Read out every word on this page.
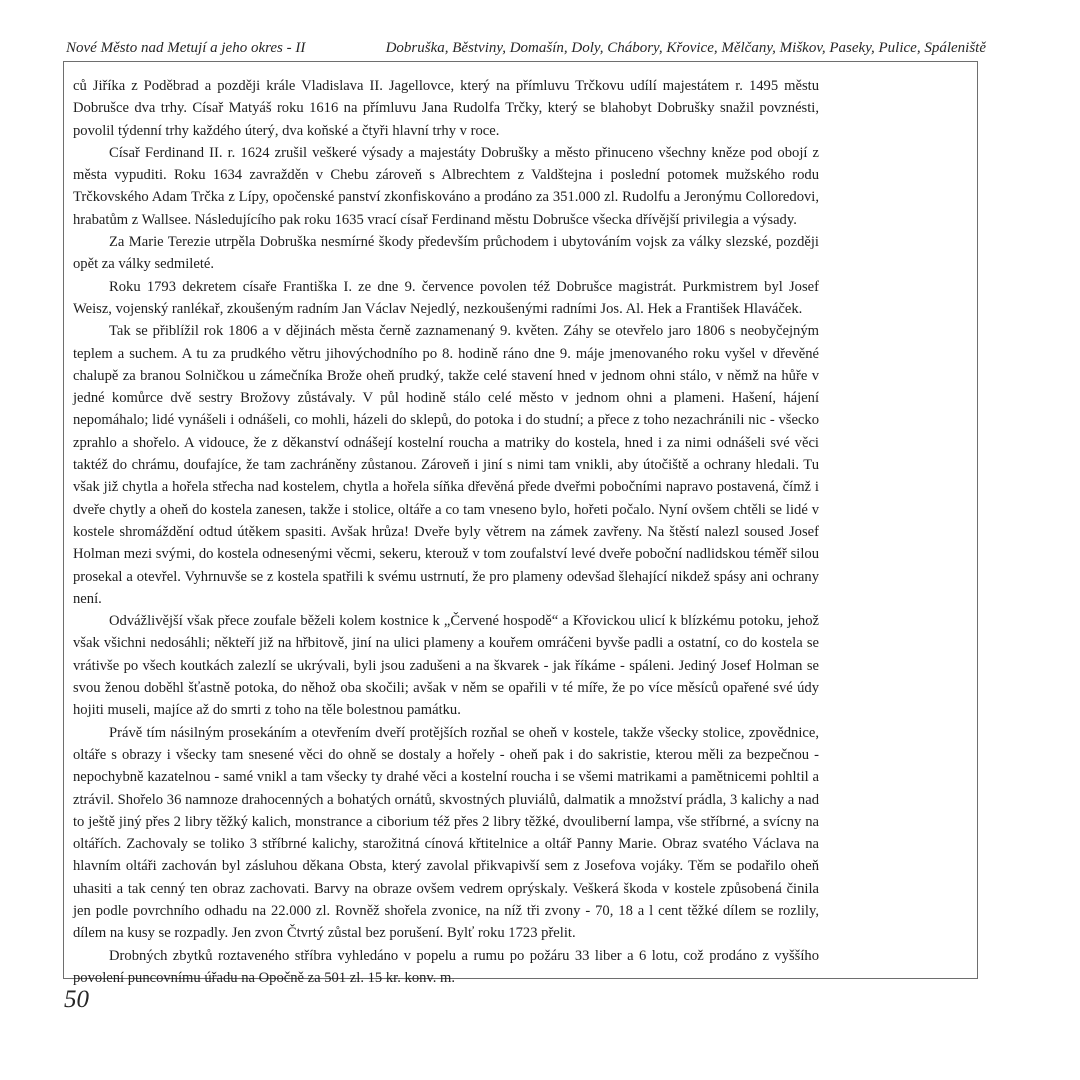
Nové Město nad Metují a jeho okres - II	Dobruška, Běstviny, Domašín, Doly, Chábory, Křovice, Mělčany, Miškov, Paseky, Pulice, Spáleniště

ců Jiříka z Poděbrad a později krále Vladislava II. Jagellovce, který na přímluvu Trčkovu udílí majestátem r. 1495 městu Dobrušce dva trhy. Císař Matyáš roku 1616 na přímluvu Jana Rudolfa Trčky, který se blahobyt Dobrušky snažil povznésti, povolil týdenní trhy každého úterý, dva koňské a čtyři hlavní trhy v roce.

Císař Ferdinand II. r. 1624 zrušil veškeré výsady a majestáty Dobrušky a město přinuceno všechny kněze pod obojí z města vypuditi. Roku 1634 zavražděn v Chebu zároveň s Albrechtem z Valdštejna i poslední potomek mužského rodu Trčkovského Adam Trčka z Lípy, opočenské panství zkonfiskováno a prodáno za 351.000 zl. Rudolfu a Jeronýmu Colloredovi, hrabatům z Wallsee. Následujícího pak roku 1635 vrací císař Ferdinand městu Dobrušce všecka dřívější privilegia a výsady.

Za Marie Terezie utrpěla Dobruška nesmírné škody především průchodem i ubytováním vojsk za války slezské, později opět za války sedmileté.

Roku 1793 dekretem císaře Františka I. ze dne 9. července povolen též Dobrušce magistrát. Purkmistrem byl Josef Weisz, vojenský ranlékař, zkoušeným radním Jan Václav Nejedlý, nezkoušenými radními Jos. Al. Hek a František Hlaváček.

Tak se přiblížil rok 1806 a v dějinách města černě zaznamenaný 9. květen. Záhy se otevřelo jaro 1806 s neobyčejným teplem a suchem. A tu za prudkého větru jihovýchodního po 8. hodině ráno dne 9. máje jmenovaného roku vyšel v dřevěné chalupě za branou Solničkou u zámečníka Brože oheň prudký, takže celé stavení hned v jednom ohni stálo, v němž na hůře v jedné komůrce dvě sestry Brožovy zůstávaly. V půl hodině stálo celé město v jednom ohni a plameni. Hašení, hájení nepomáhalo; lidé vynášeli i odnášeli, co mohli, házeli do sklepů, do potoka i do studní; a přece z toho nezachránili nic - všecko zprahlo a shořelo. A vidouce, že z děkanství odnášejí kostelní roucha a matriky do kostela, hned i za nimi odnášeli své věci taktéž do chrámu, doufajíce, že tam zachráněny zůstanou. Zároveň i jiní s nimi tam vnikli, aby útočiště a ochrany hledali. Tu však již chytla a hořela střecha nad kostelem, chytla a hořela síňka dřevěná přede dveřmi pobočními napravo postavená, čímž i dveře chytly a oheň do kostela zanesen, takže i stolice, oltáře a co tam vneseno bylo, hořeti počalo. Nyní ovšem chtěli se lidé v kostele shromáždění odtud útěkem spasiti. Avšak hrůza! Dveře byly větrem na zámek zavřeny. Na štěstí nalezl soused Josef Holman mezi svými, do kostela odnesenými věcmi, sekeru, kterouž v tom zoufalství levé dveře poboční nadlidskou téměř silou prosekal a otevřel. Vyhrnuvše se z kostela spatřili k svému ustrnutí, že pro plameny odevšad šlehající nikdež spásy ani ochrany není.

Odvážlivější však přece zoufale běželi kolem kostnice k „Červené hospodě“ a Křovickou ulicí k blízkému potoku, jehož však všichni nedosáhli; někteří již na hřbitově, jiní na ulici plameny a kouřem omráčeni byvše padli a ostatní, co do kostela se vrátivše po všech koutkách zalezlí se ukrývali, byli jsou zadušeni a na škvarek - jak říkáme - spáleni. Jediný Josef Holman se svou ženou doběhl šťastně potoka, do něhož oba skočili; avšak v něm se opařili v té míře, že po více měsíců opařené své údy hojiti museli, majíce až do smrti z toho na těle bolestnou památku.

Právě tím násilným prosekáním a otevřením dveří protějších rozňal se oheň v kostele, takže všecky stolice, zpovědnice, oltáře s obrazy i všecky tam snesené věci do ohně se dostaly a hořely - oheň pak i do sakristie, kterou měli za bezpečnou - nepochybně kazatelnou - samé vnikl a tam všecky ty drahé věci a kostelní roucha i se všemi matrikami a pamětnicemi pohltil a ztrávil. Shořelo 36 namnoze drahocenných a bohatých ornátů, skvostných pluviálů, dalmatik a množství prádla, 3 kalichy a nad to ještě jiný přes 2 libry těžký kalich, monstrance a ciborium též přes 2 libry těžké, dvouliberní lampa, vše stříbrné, a svícny na oltářích. Zachovaly se toliko 3 stříbrné kalichy, starožitná cínová křtitelnice a oltář Panny Marie. Obraz svatého Václava na hlavním oltáři zachován byl zásluhou děkana Obsta, který zavolal přikvapivší sem z Josefova vojáky. Těm se podařilo oheň uhasiti a tak cenný ten obraz zachovati. Barvy na obraze ovšem vedrem oprýskaly. Veškerá škoda v kostele způsobená činila jen podle povrchního odhadu na 22.000 zl. Rovněž shořela zvonice, na níž tři zvony - 70, 18 a l cent těžké dílem se rozlily, dílem na kusy se rozpadly. Jen zvon Čtvrtý zůstal bez porušení. Bylť roku 1723 přelit.

Drobných zbytků roztaveného stříbra vyhledáno v popelu a rumu po požáru 33 liber a 6 lotu, což prodáno z vyššího povolení puncovnímu úřadu na Opočně za 501 zl. 15 kr. konv. m.

50
